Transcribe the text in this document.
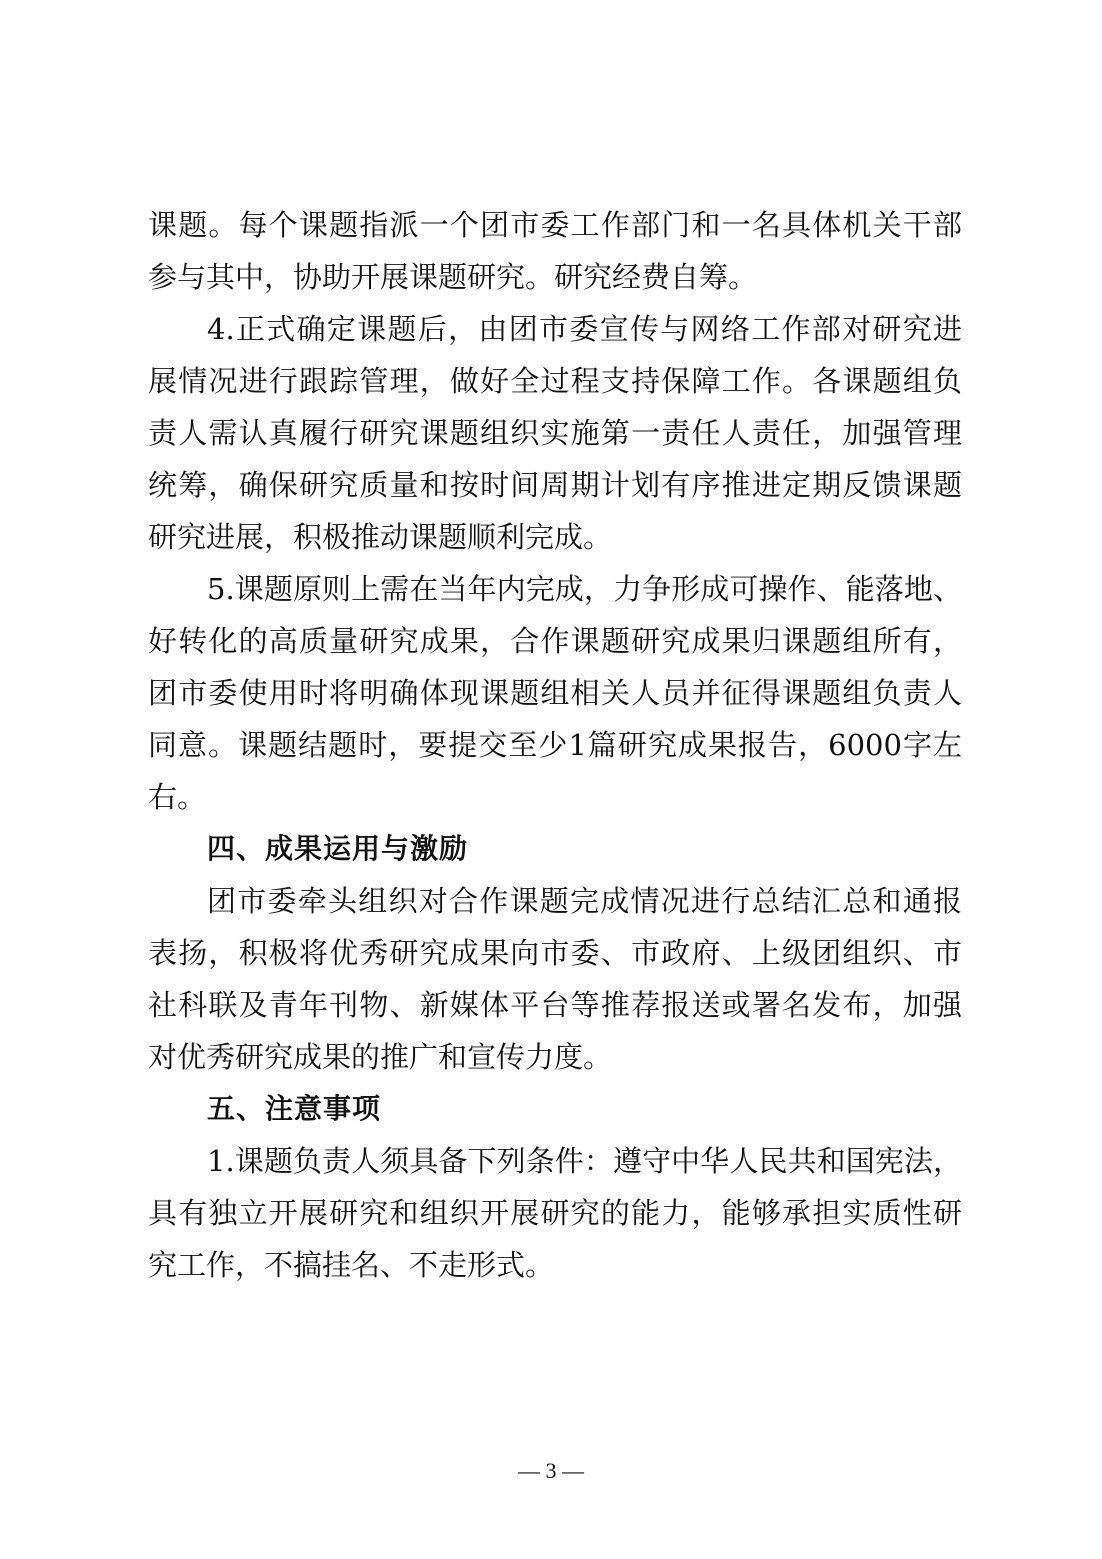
课题。每个课题指派一个团市委工作部门和一名具体机关干部
参与其中，协助开展课题研究。研究经费自筹。
4.正式确定课题后，由团市委宣传与网络工作部对研究进
展情况进行跟踪管理，做好全过程支持保障工作。各课题组负
责人需认真履行研究课题组织实施第一责任人责任，加强管理
统筹，确保研究质量和按时间周期计划有序推进定期反馈课题
研究进展，积极推动课题顺利完成。
5.课题原则上需在当年内完成，力争形成可操作、能落地、
好转化的高质量研究成果，合作课题研究成果归课题组所有，
团市委使用时将明确体现课题组相关人员并征得课题组负责人
同意。课题结题时，要提交至少1篇研究成果报告，6000字左
右。
四、成果运用与激励
团市委牵头组织对合作课题完成情况进行总结汇总和通报
表扬，积极将优秀研究成果向市委、市政府、上级团组织、市
社科联及青年刊物、新媒体平台等推荐报送或署名发布，加强
对优秀研究成果的推广和宣传力度。
五、注意事项
1.课题负责人须具备下列条件：遵守中华人民共和国宪法，
具有独立开展研究和组织开展研究的能力，能够承担实质性研
究工作，不搞挂名、不走形式。
— 3 —
